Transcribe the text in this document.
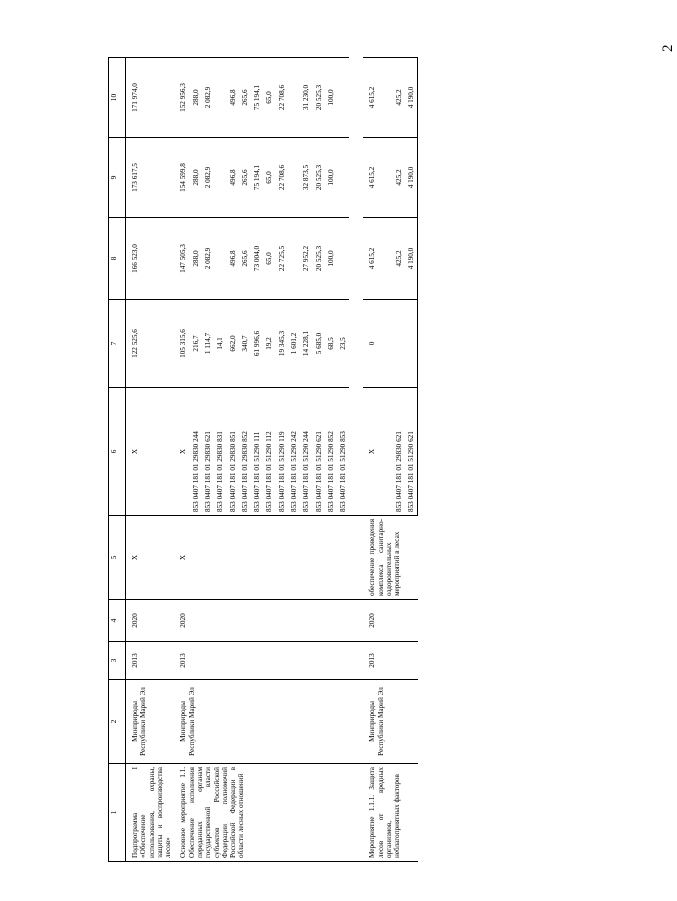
2
1	2	3	4	5	6	7	8	9	10
Подпрограмма I «Обеспечение использования, охраны, защиты и воспроизводства лесов»	Минприроды Республики Марий Эл	2013	2020	X	X	122 525,6	166 523,0	173 617,5	171 974,0

Основное мероприятие 1.1. Обеспечение исполнения переданных органам государственной власти субъектов Российской Федерации полномочий Российской Федерации в области лесных отношений	Минприроды Республики Марий Эл	2013	2020	X	X	105 315,6	147 505,3	154 599,8	152 956,3
					853 0407 181 01 29830 244	216,7	288,0	288,0	288,0
					853 0407 181 01 29830 621	1 114,7	2 082,9	2 082,9	2 082,9
					853 0407 181 01 29830 831	14,1			
					853 0407 181 01 29830 851	662,0	496,8	496,8	496,8
					853 0407 181 01 29830 852	340,7	265,6	265,6	265,6
					853 0407 181 01 51290 111	61 996,6	73 004,0	75 194,1	75 194,1
					853 0407 181 01 51290 112	19,2	65,0	65,0	65,0
					853 0407 181 01 51290 119	19 345,3	22 725,5	22 708,6	22 708,6
					853 0407 181 01 51290 242	1 601,2			
					853 0407 181 01 51290 244	14 228,1	27 952,2	32 873,5	31 230,0
					853 0407 181 01 51290 621	5 685,0	20 525,3	20 525,3	20 525,3
					853 0407 181 01 51290 852	68,5	100,0	100,0	100,0
					853 0407 181 01 51290 853	23,5			

Мероприятие 1.1.1. Защита лесов от вредных организмов, неблагоприятных факторов	Минприроды Республики Марий Эл	2013	2020	обеспечение проведения комплекса санитарно-оздоровительных мероприятий в лесах	X	0	4 615,2	4 615,2	4 615,2

					853 0407 181 01 29830 621		425,2	425,2	425,2
					853 0407 181 01 51290 621		4 190,0	4 190,0	4 190,0
